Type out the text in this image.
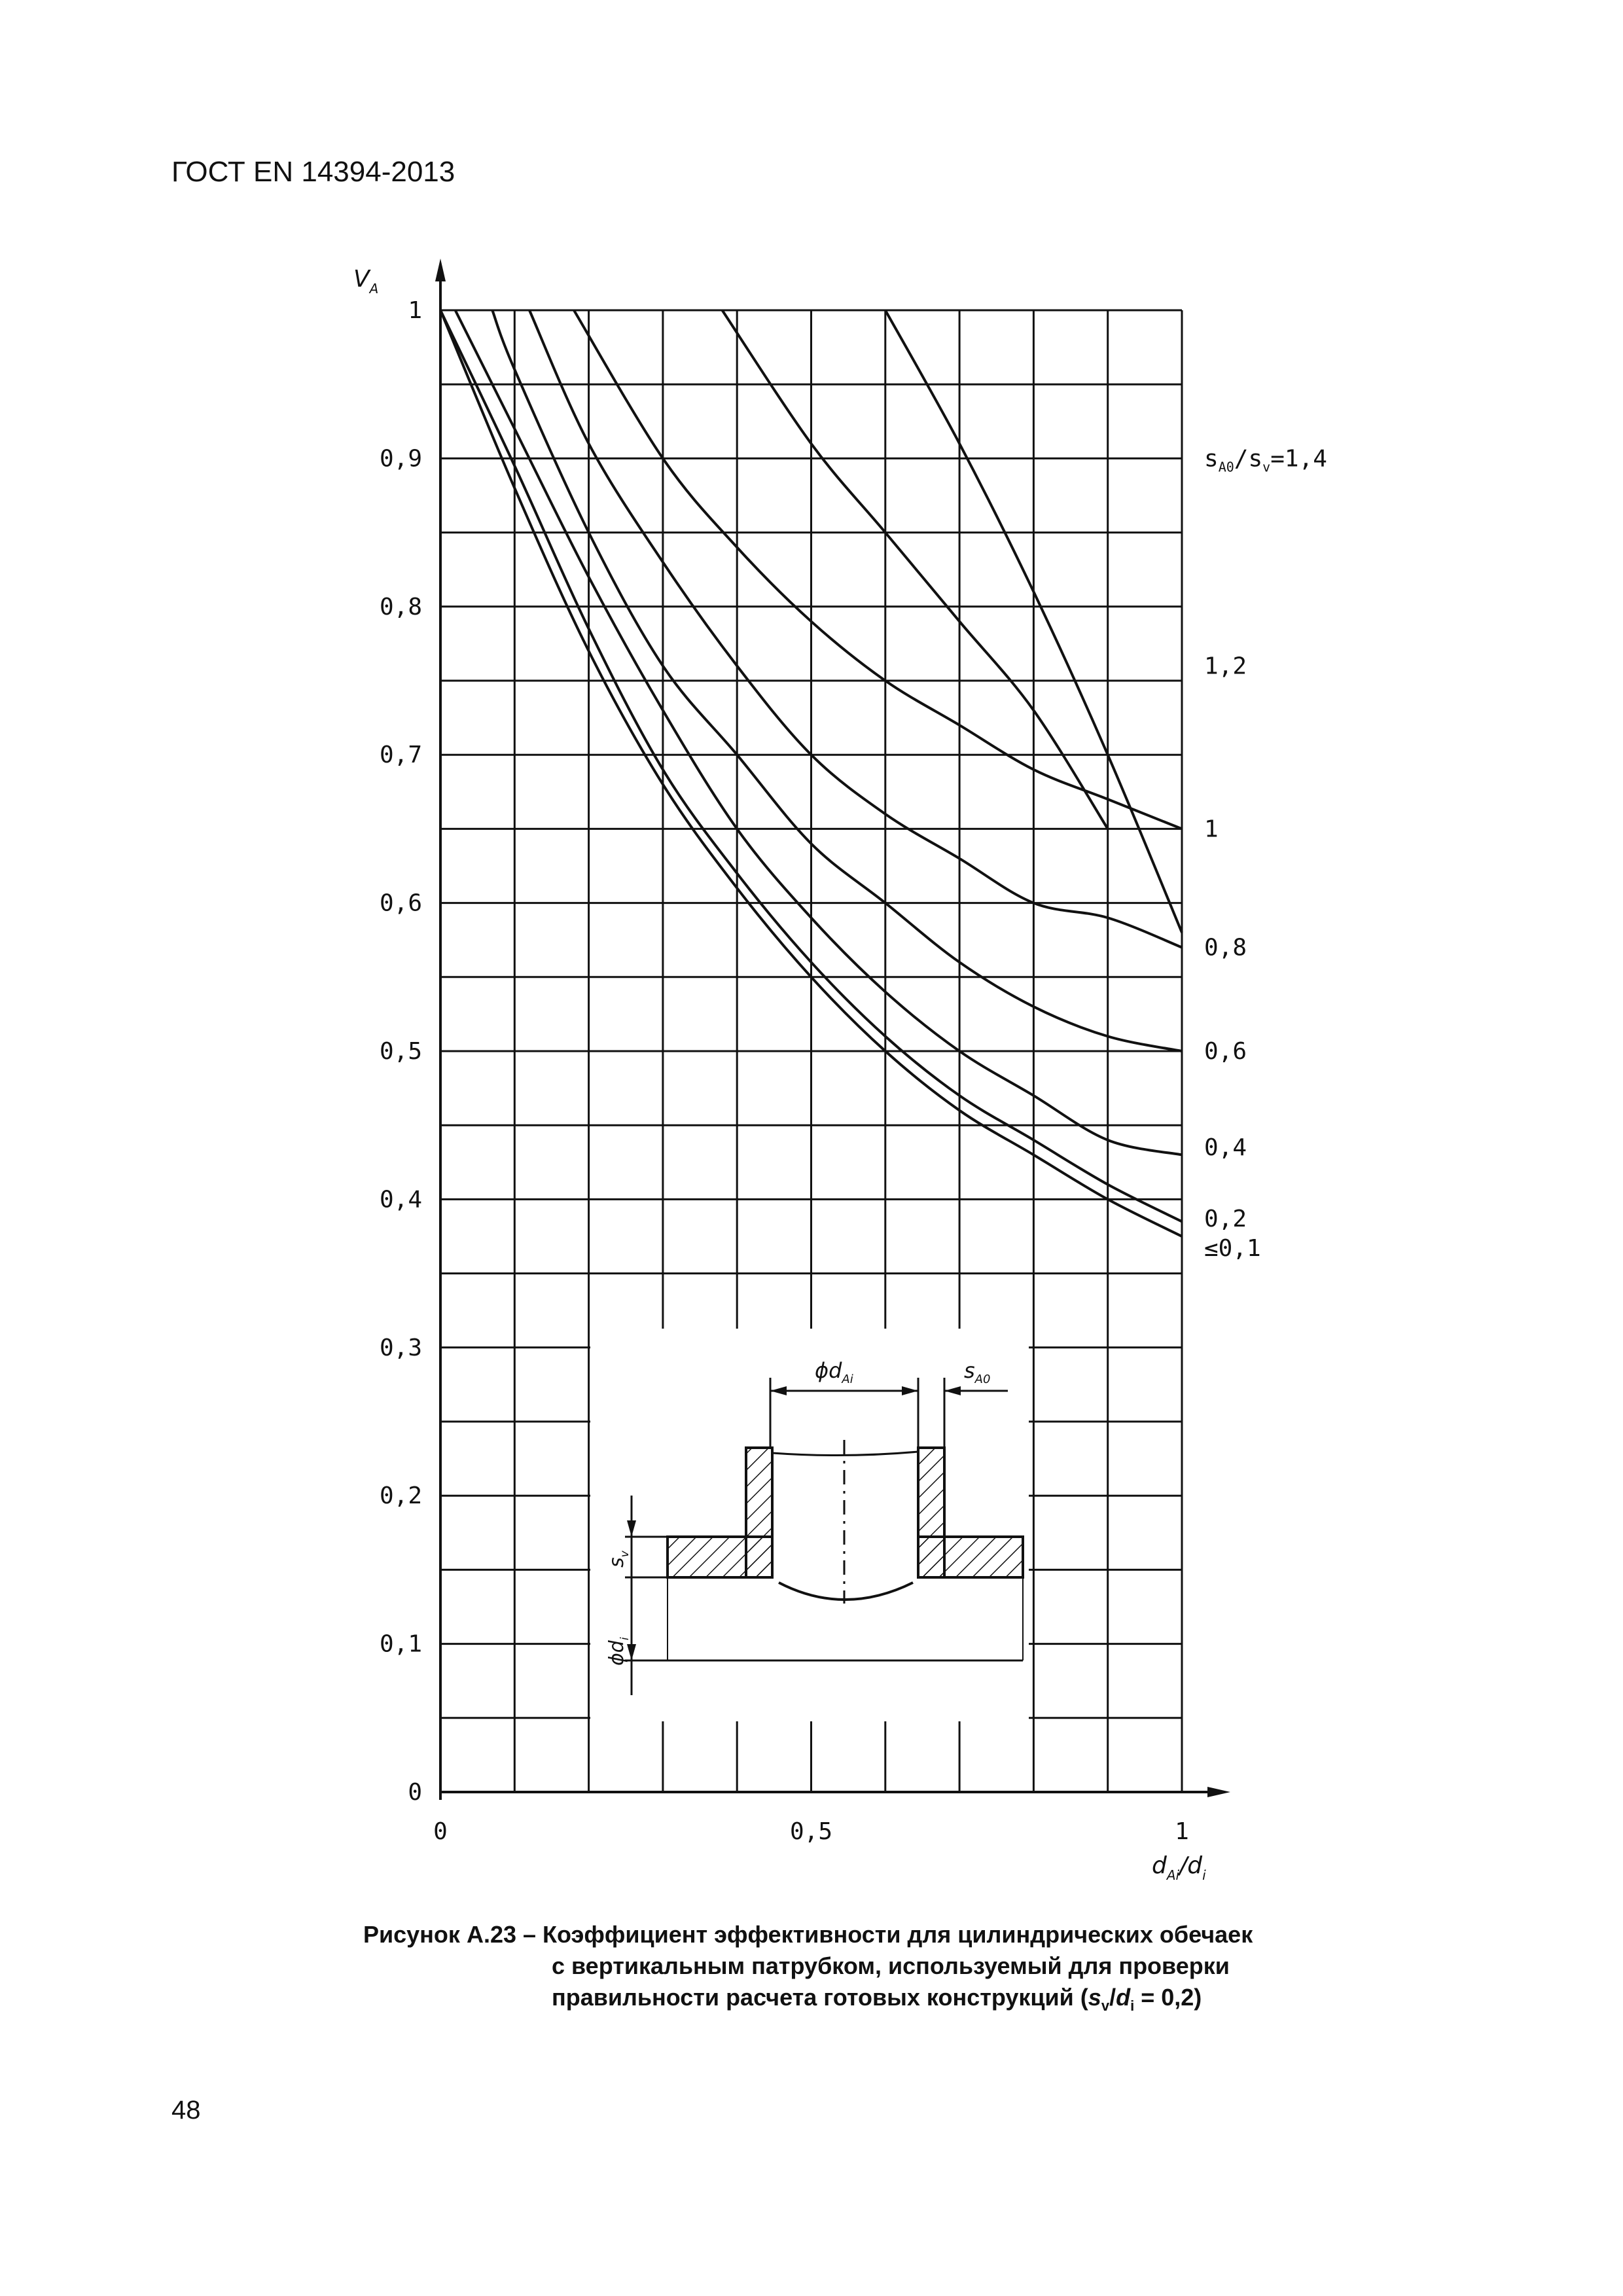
ГОСТ EN 14394-2013
0
0,1
0,2
0,3
0,4
0,5
0,6
0,7
0,8
0,9
1
0	0,5	1
$s_{A0}/s_v=1,4$
1,2
1
0,8
0,6
0,4
0,2
≤0,1
$V_A$
$d_{Ai}/d_i$
$\phi d_{Ai}$	$s_{A0}$
$s_v$
$\phi d_i$
Рисунок А.23 – Коэффициент эффективности для цилиндрических обечаек
с вертикальным патрубком, используемый для проверки
правильности расчета готовых конструкций $(s_v/d_i = 0,2)$
48
